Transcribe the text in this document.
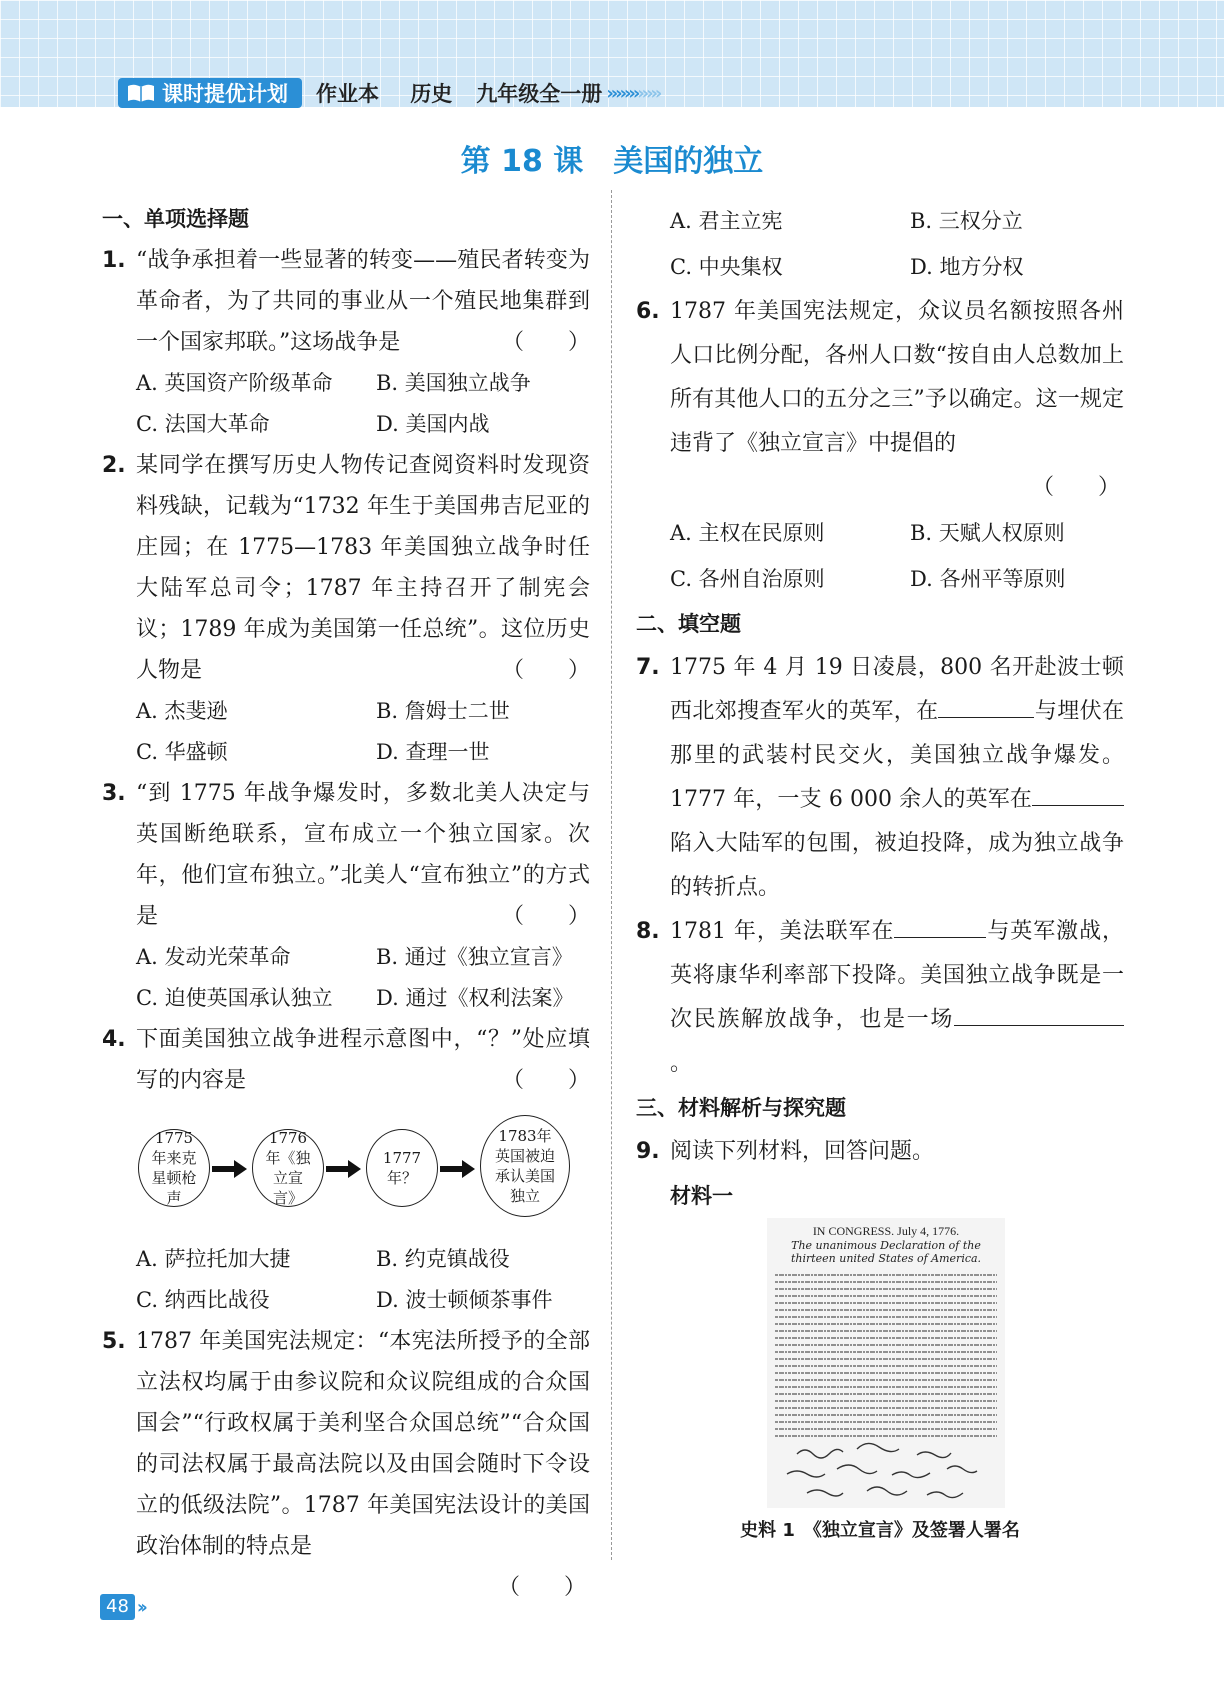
课时提优计划 作业本 历史 九年级全一册 ››››››››››››
第 18 课　美国的独立
一、单项选择题
1. “战争承担着一些显著的转变——殖民者转变为革命者，为了共同的事业从一个殖民地集群到一个国家邦联。”这场战争是	（　　）
A. 英国资产阶级革命	B. 美国独立战争
C. 法国大革命	D. 美国内战
2. 某同学在撰写历史人物传记查阅资料时发现资料残缺，记载为“1732 年生于美国弗吉尼亚的庄园；在 1775—1783 年美国独立战争时任大陆军总司令；1787 年主持召开了制宪会议；1789 年成为美国第一任总统”。这位历史人物是	（　　）
A. 杰斐逊	B. 詹姆士二世
C. 华盛顿	D. 查理一世
3. “到 1775 年战争爆发时，多数北美人决定与英国断绝联系，宣布成立一个独立国家。次年，他们宣布独立。”北美人“宣布独立”的方式是	（　　）
A. 发动光荣革命	B. 通过《独立宣言》
C. 迫使英国承认独立	D. 通过《权利法案》
4. 下面美国独立战争进程示意图中，“？”处应填写的内容是	（　　）
1775年来克星顿枪声
1776年《独立宣言》
1777年？
1783年英国被迫承认美国独立
A. 萨拉托加大捷	B. 约克镇战役
C. 纳西比战役	D. 波士顿倾茶事件
5. 1787 年美国宪法规定：“本宪法所授予的全部立法权均属于由参议院和众议院组成的合众国国会”“行政权属于美利坚合众国总统”“合众国的司法权属于最高法院以及由国会随时下令设立的低级法院”。1787 年美国宪法设计的美国政治体制的特点是
（　　）
A. 君主立宪	B. 三权分立
C. 中央集权	D. 地方分权
6. 1787 年美国宪法规定，众议员名额按照各州人口比例分配，各州人口数“按自由人总数加上所有其他人口的五分之三”予以确定。这一规定违背了《独立宣言》中提倡的
（　　）
A. 主权在民原则	B. 天赋人权原则
C. 各州自治原则	D. 各州平等原则
二、填空题
7. 1775 年 4 月 19 日凌晨，800 名开赴波士顿西北郊搜查军火的英军，在	与埋伏在那里的武装村民交火，美国独立战争爆发。1777 年，一支 6 000 余人的英军在陷入大陆军的包围，被迫投降，成为独立战争的转折点。
8. 1781 年，美法联军在	与英军激战，英将康华利率部下投降。美国独立战争既是一次民族解放战争，也是一场。
三、材料解析与探究题
9. 阅读下列材料，回答问题。
材料一
IN CONGRESS. July 4, 1776.
The unanimous Declaration of the thirteen united States of America.
史料 1　《独立宣言》及签署人署名
48 ››
